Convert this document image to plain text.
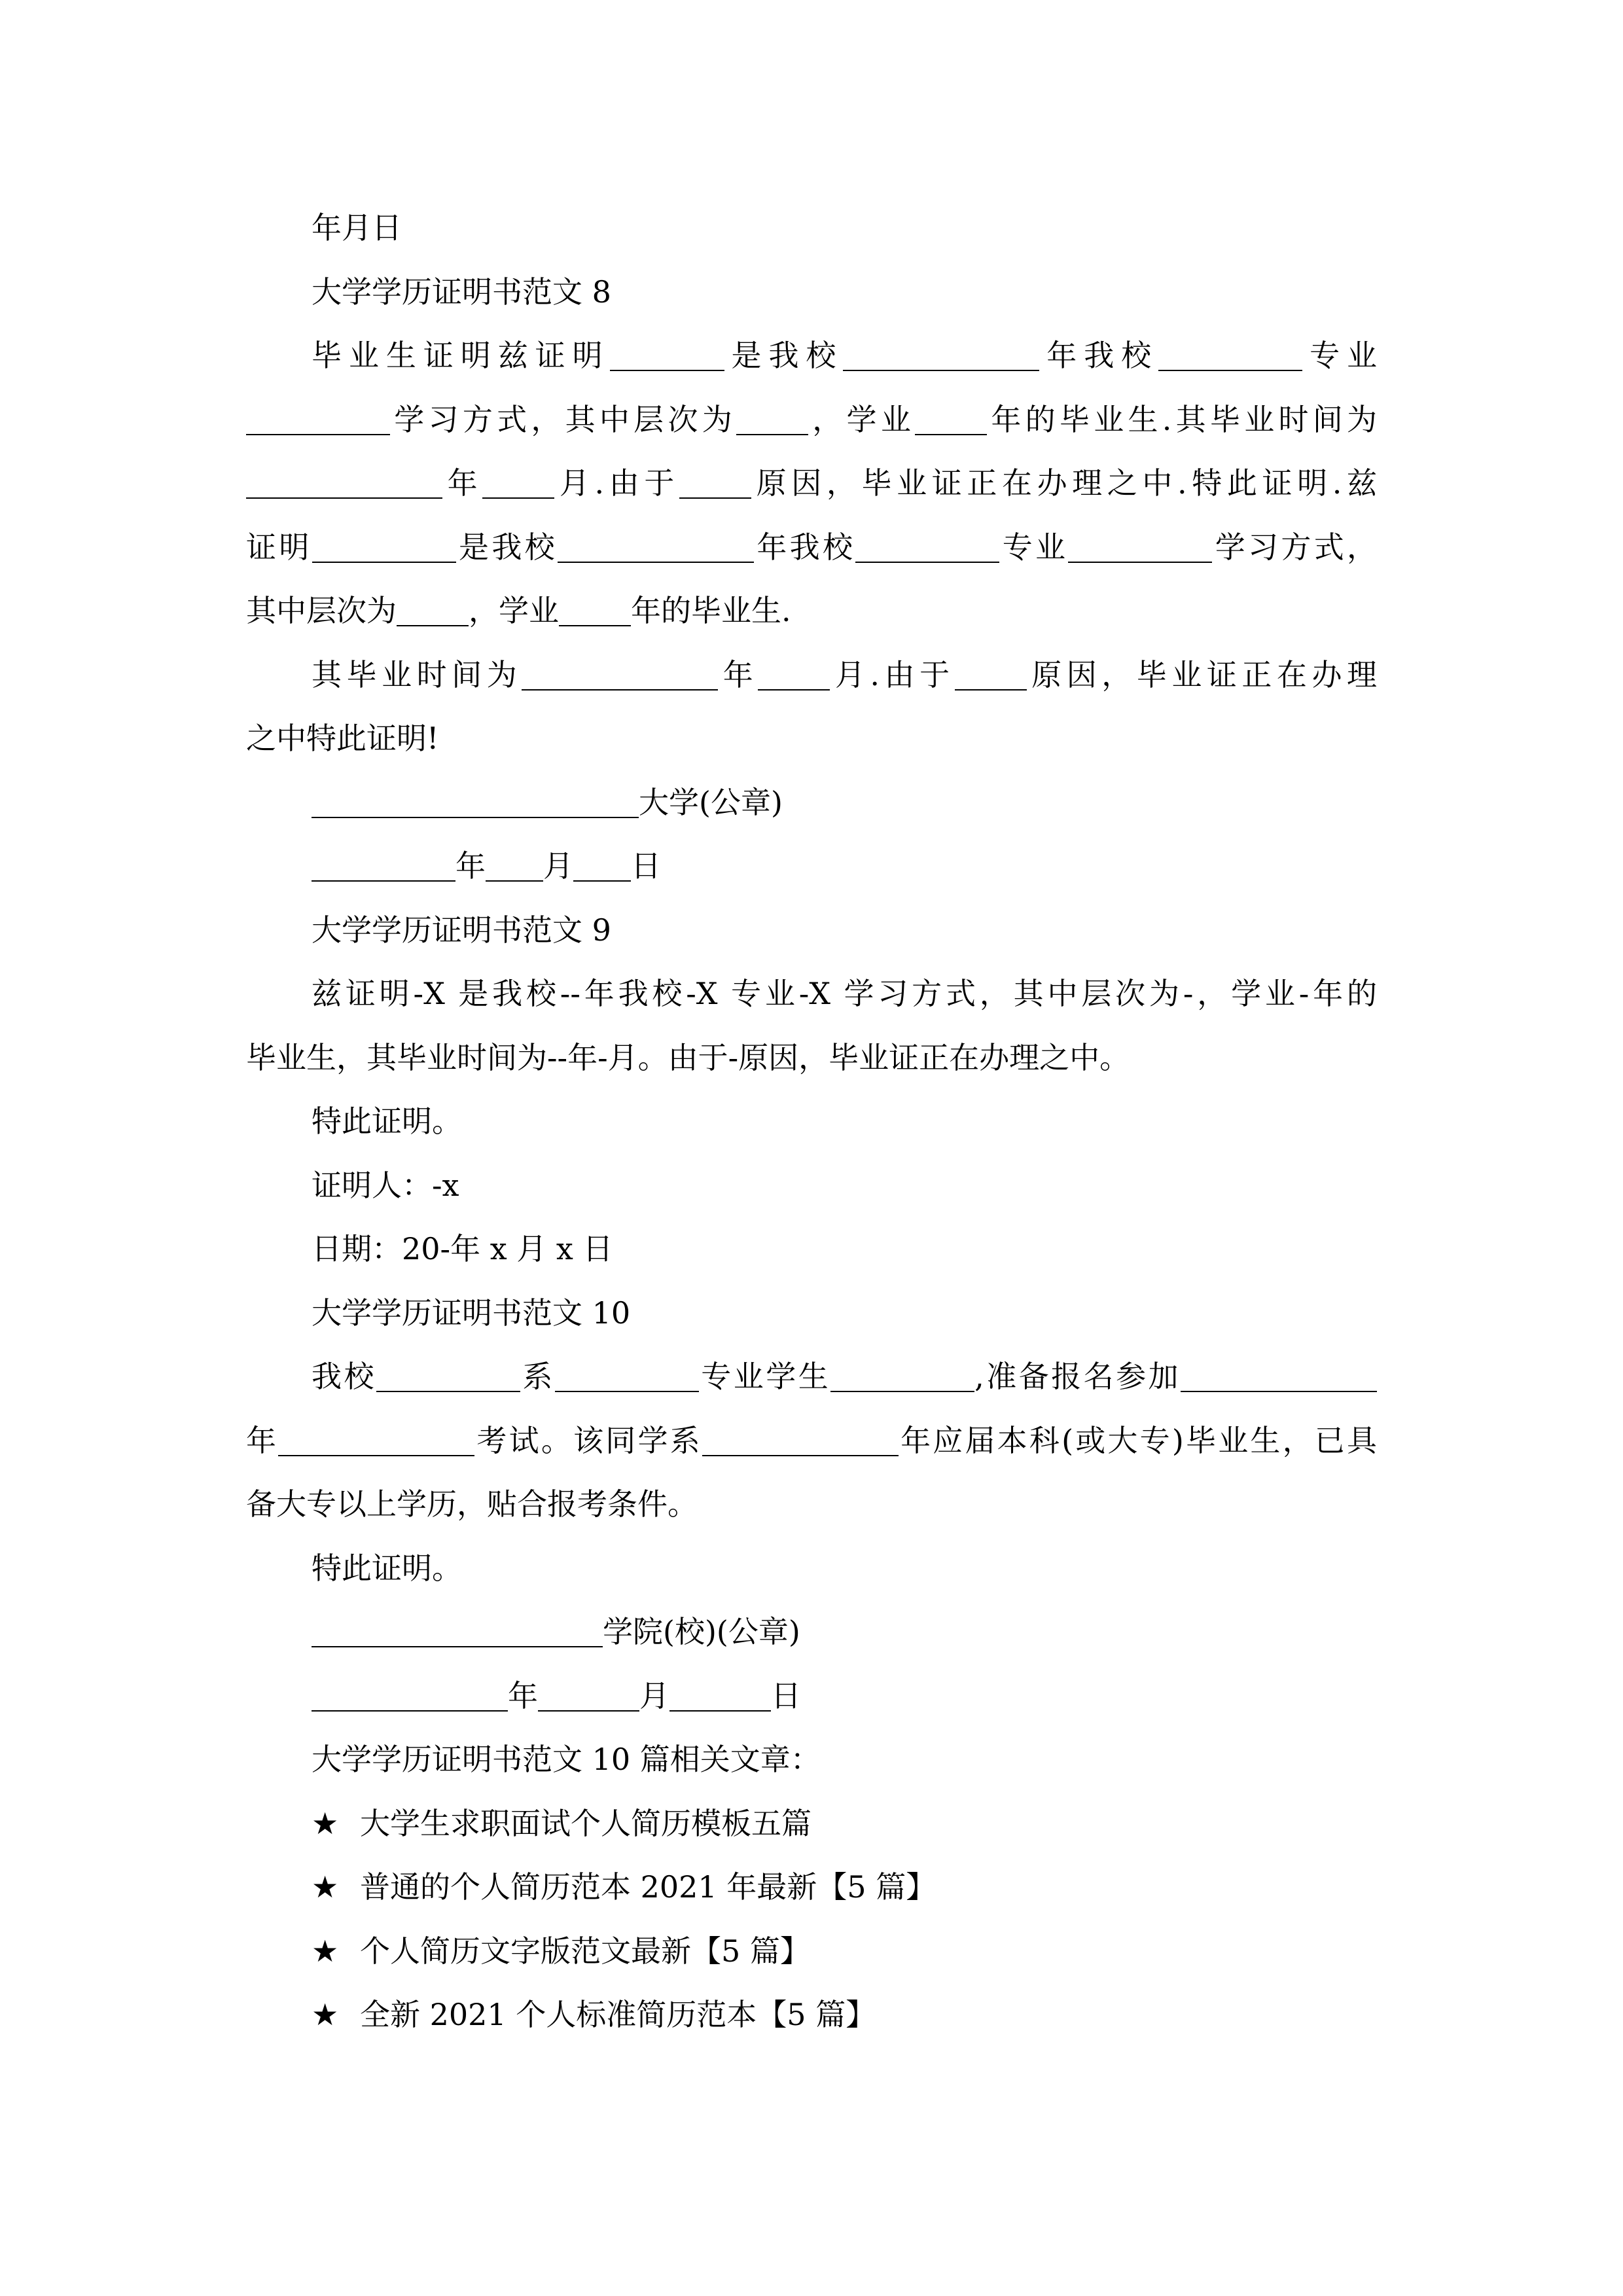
年月日

大学学历证明书范文 8

毕业生证明兹证明	是我校	年我校	专业

学习方式，其中层次为 ，学业 年的毕业生.其毕业时间为

年 月.由于 原因，毕业证正在办理之中.特此证明.兹

证明	是我校	年我校	专业	学习方式，

其中层次为 ，学业 年的毕业生.

其毕业时间为	年 月.由于 原因，毕业证正在办理

之中特此证明!

大学(公章)

年 月 日

大学学历证明书范文 9

兹证明-X 是我校--年我校-X 专业-X 学习方式，其中层次为-，学业-年的

毕业生，其毕业时间为--年-月。由于-原因，毕业证正在办理之中。

特此证明。

证明人：-x

日期：20-年 x 月 x 日

大学学历证明书范文 10

我校	系	专业学生	,准备报名参加

年	考试。该同学系	年应届本科(或大专)毕业生，已具

备大专以上学历，贴合报考条件。

特此证明。

学院(校)(公章)

年	月	日

大学学历证明书范文 10 篇相关文章：

★ 大学生求职面试个人简历模板五篇

★ 普通的个人简历范本 2021 年最新【5 篇】

★ 个人简历文字版范文最新【5 篇】

★ 全新 2021 个人标准简历范本【5 篇】
